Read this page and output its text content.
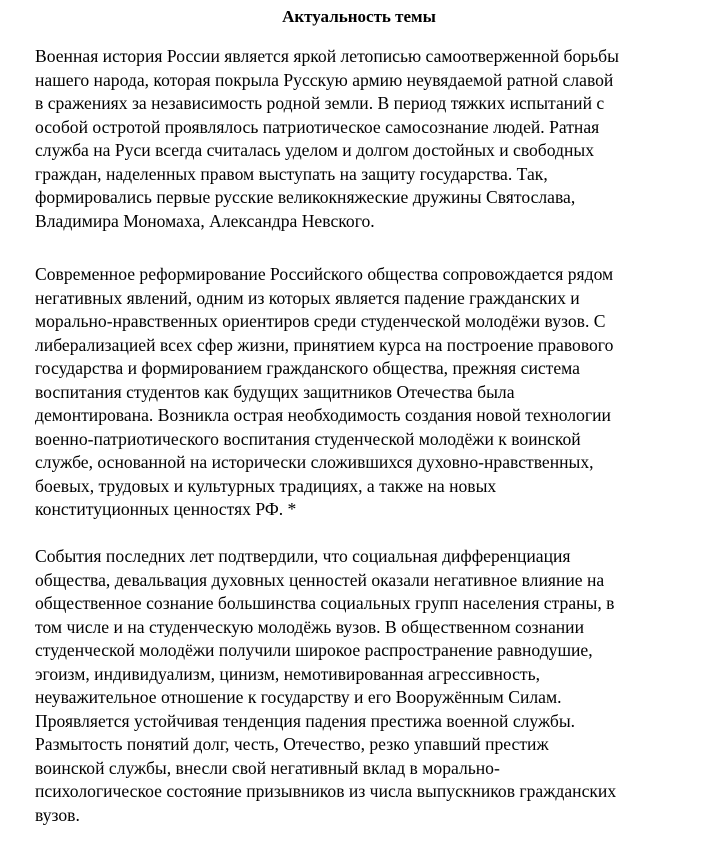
Актуальность темы

Военная история России является яркой летописью самоотверженной борьбы
нашего народа, которая покрыла Русскую армию неувядаемой ратной славой
в сражениях за независимость родной земли. В период тяжких испытаний с
особой остротой проявлялось патриотическое самосознание людей. Ратная
служба на Руси всегда считалась уделом и долгом достойных и свободных
граждан, наделенных правом выступать на защиту государства. Так,
формировались первые русские великокняжеские дружины Святослава,
Владимира Мономаха, Александра Невского.

Современное реформирование Российского общества сопровождается рядом
негативных явлений, одним из которых является падение гражданских и
морально-нравственных ориентиров среди студенческой молодёжи вузов. С
либерализацией всех сфер жизни, принятием курса на построение правового
государства и формированием гражданского общества, прежняя система
воспитания студентов как будущих защитников Отечества была
демонтирована. Возникла острая необходимость создания новой технологии
военно-патриотического воспитания студенческой молодёжи к воинской
службе, основанной на исторически сложившихся духовно-нравственных,
боевых, трудовых и культурных традициях, а также на новых
конституционных ценностях РФ. *

События последних лет подтвердили, что социальная дифференциация
общества, девальвация духовных ценностей оказали негативное влияние на
общественное сознание большинства социальных групп населения страны, в
том числе и на студенческую молодёжь вузов. В общественном сознании
студенческой молодёжи получили широкое распространение равнодушие,
эгоизм, индивидуализм, цинизм, немотивированная агрессивность,
неуважительное отношение к государству и его Вооружённым Силам.
Проявляется устойчивая тенденция падения престижа военной службы.
Размытость понятий долг, честь, Отечество, резко упавший престиж
воинской службы, внесли свой негативный вклад в морально-
психологическое состояние призывников из числа выпускников гражданских
вузов.
